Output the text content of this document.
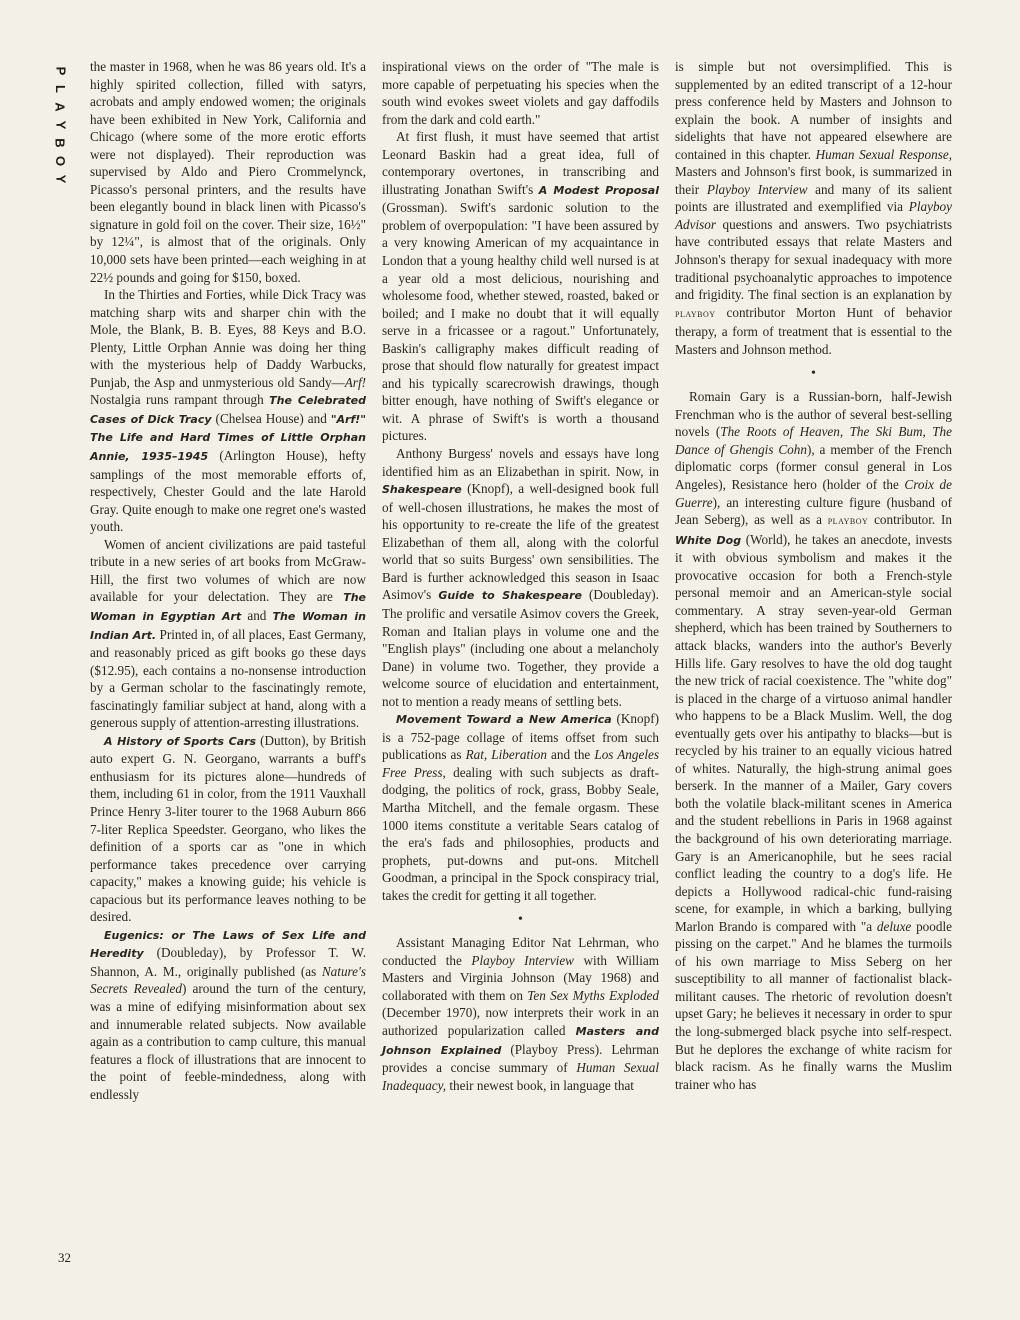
P
L
A
Y
B
O
Y

the master in 1968, when he was 86 years old. It's a highly spirited collection, filled with satyrs, acrobats and amply endowed women; the originals have been exhibited in New York, California and Chicago (where some of the more erotic efforts were not displayed). Their reproduction was supervised by Aldo and Piero Crommelynck, Picasso's personal printers, and the results have been elegantly bound in black linen with Picasso's signature in gold foil on the cover. Their size, 16½" by 12¼", is almost that of the originals. Only 10,000 sets have been printed—each weighing in at 22½ pounds and going for $150, boxed.

In the Thirties and Forties, while Dick Tracy was matching sharp wits and sharper chin with the Mole, the Blank, B. B. Eyes, 88 Keys and B.O. Plenty, Little Orphan Annie was doing her thing with the mysterious help of Daddy Warbucks, Punjab, the Asp and unmysterious old Sandy—Arf! Nostalgia runs rampant through The Celebrated Cases of Dick Tracy (Chelsea House) and "Arf!" The Life and Hard Times of Little Orphan Annie, 1935–1945 (Arlington House), hefty samplings of the most memorable efforts of, respectively, Chester Gould and the late Harold Gray. Quite enough to make one regret one's wasted youth.

Women of ancient civilizations are paid tasteful tribute in a new series of art books from McGraw-Hill, the first two volumes of which are now available for your delectation. They are The Woman in Egyptian Art and The Woman in Indian Art. Printed in, of all places, East Germany, and reasonably priced as gift books go these days ($12.95), each contains a no-nonsense introduction by a German scholar to the fascinatingly remote, fascinatingly familiar subject at hand, along with a generous supply of attention-arresting illustrations.

A History of Sports Cars (Dutton), by British auto expert G. N. Georgano, warrants a buff's enthusiasm for its pictures alone—hundreds of them, including 61 in color, from the 1911 Vauxhall Prince Henry 3-liter tourer to the 1968 Auburn 866 7-liter Replica Speedster. Georgano, who likes the definition of a sports car as "one in which performance takes precedence over carrying capacity," makes a knowing guide; his vehicle is capacious but its performance leaves nothing to be desired.

Eugenics: or The Laws of Sex Life and Heredity (Doubleday), by Professor T. W. Shannon, A. M., originally published (as Nature's Secrets Revealed) around the turn of the century, was a mine of edifying misinformation about sex and innumerable related subjects. Now available again as a contribution to camp culture, this manual features a flock of illustrations that are innocent to the point of feeble-mindedness, along with endlessly

inspirational views on the order of "The male is more capable of perpetuating his species when the south wind evokes sweet violets and gay daffodils from the dark and cold earth."

At first flush, it must have seemed that artist Leonard Baskin had a great idea, full of contemporary overtones, in transcribing and illustrating Jonathan Swift's A Modest Proposal (Grossman). Swift's sardonic solution to the problem of overpopulation: "I have been assured by a very knowing American of my acquaintance in London that a young healthy child well nursed is at a year old a most delicious, nourishing and wholesome food, whether stewed, roasted, baked or boiled; and I make no doubt that it will equally serve in a fricassee or a ragout." Unfortunately, Baskin's calligraphy makes difficult reading of prose that should flow naturally for greatest impact and his typically scarecrowish drawings, though bitter enough, have nothing of Swift's elegance or wit. A phrase of Swift's is worth a thousand pictures.

Anthony Burgess' novels and essays have long identified him as an Elizabethan in spirit. Now, in Shakespeare (Knopf), a well-designed book full of well-chosen illustrations, he makes the most of his opportunity to re-create the life of the greatest Elizabethan of them all, along with the colorful world that so suits Burgess' own sensibilities. The Bard is further acknowledged this season in Isaac Asimov's Guide to Shakespeare (Doubleday). The prolific and versatile Asimov covers the Greek, Roman and Italian plays in volume one and the "English plays" (including one about a melancholy Dane) in volume two. Together, they provide a welcome source of elucidation and entertainment, not to mention a ready means of settling bets.

Movement Toward a New America (Knopf) is a 752-page collage of items offset from such publications as Rat, Liberation and the Los Angeles Free Press, dealing with such subjects as draft-dodging, the politics of rock, grass, Bobby Seale, Martha Mitchell, and the female orgasm. These 1000 items constitute a veritable Sears catalog of the era's fads and philosophies, products and prophets, put-downs and put-ons. Mitchell Goodman, a principal in the Spock conspiracy trial, takes the credit for getting it all together.

•

Assistant Managing Editor Nat Lehrman, who conducted the Playboy Interview with William Masters and Virginia Johnson (May 1968) and collaborated with them on Ten Sex Myths Exploded (December 1970), now interprets their work in an authorized popularization called Masters and Johnson Explained (Playboy Press). Lehrman provides a concise summary of Human Sexual Inadequacy, their newest book, in language that

is simple but not oversimplified. This is supplemented by an edited transcript of a 12-hour press conference held by Masters and Johnson to explain the book. A number of insights and sidelights that have not appeared elsewhere are contained in this chapter. Human Sexual Response, Masters and Johnson's first book, is summarized in their Playboy Interview and many of its salient points are illustrated and exemplified via Playboy Advisor questions and answers. Two psychiatrists have contributed essays that relate Masters and Johnson's therapy for sexual inadequacy with more traditional psychoanalytic approaches to impotence and frigidity. The final section is an explanation by playboy contributor Morton Hunt of behavior therapy, a form of treatment that is essential to the Masters and Johnson method.

•

Romain Gary is a Russian-born, half-Jewish Frenchman who is the author of several best-selling novels (The Roots of Heaven, The Ski Bum, The Dance of Ghengis Cohn), a member of the French diplomatic corps (former consul general in Los Angeles), Resistance hero (holder of the Croix de Guerre), an interesting culture figure (husband of Jean Seberg), as well as a playboy contributor. In White Dog (World), he takes an anecdote, invests it with obvious symbolism and makes it the provocative occasion for both a French-style personal memoir and an American-style social commentary. A stray seven-year-old German shepherd, which has been trained by Southerners to attack blacks, wanders into the author's Beverly Hills life. Gary resolves to have the old dog taught the new trick of racial coexistence. The "white dog" is placed in the charge of a virtuoso animal handler who happens to be a Black Muslim. Well, the dog eventually gets over his antipathy to blacks—but is recycled by his trainer to an equally vicious hatred of whites. Naturally, the high-strung animal goes berserk. In the manner of a Mailer, Gary covers both the volatile black-militant scenes in America and the student rebellions in Paris in 1968 against the background of his own deteriorating marriage. Gary is an Americanophile, but he sees racial conflict leading the country to a dog's life. He depicts a Hollywood radical-chic fund-raising scene, for example, in which a barking, bullying Marlon Brando is compared with "a deluxe poodle pissing on the carpet." And he blames the turmoils of his own marriage to Miss Seberg on her susceptibility to all manner of factionalist black-militant causes. The rhetoric of revolution doesn't upset Gary; he believes it necessary in order to spur the long-submerged black psyche into self-respect. But he deplores the exchange of white racism for black racism. As he finally warns the Muslim trainer who has

32
